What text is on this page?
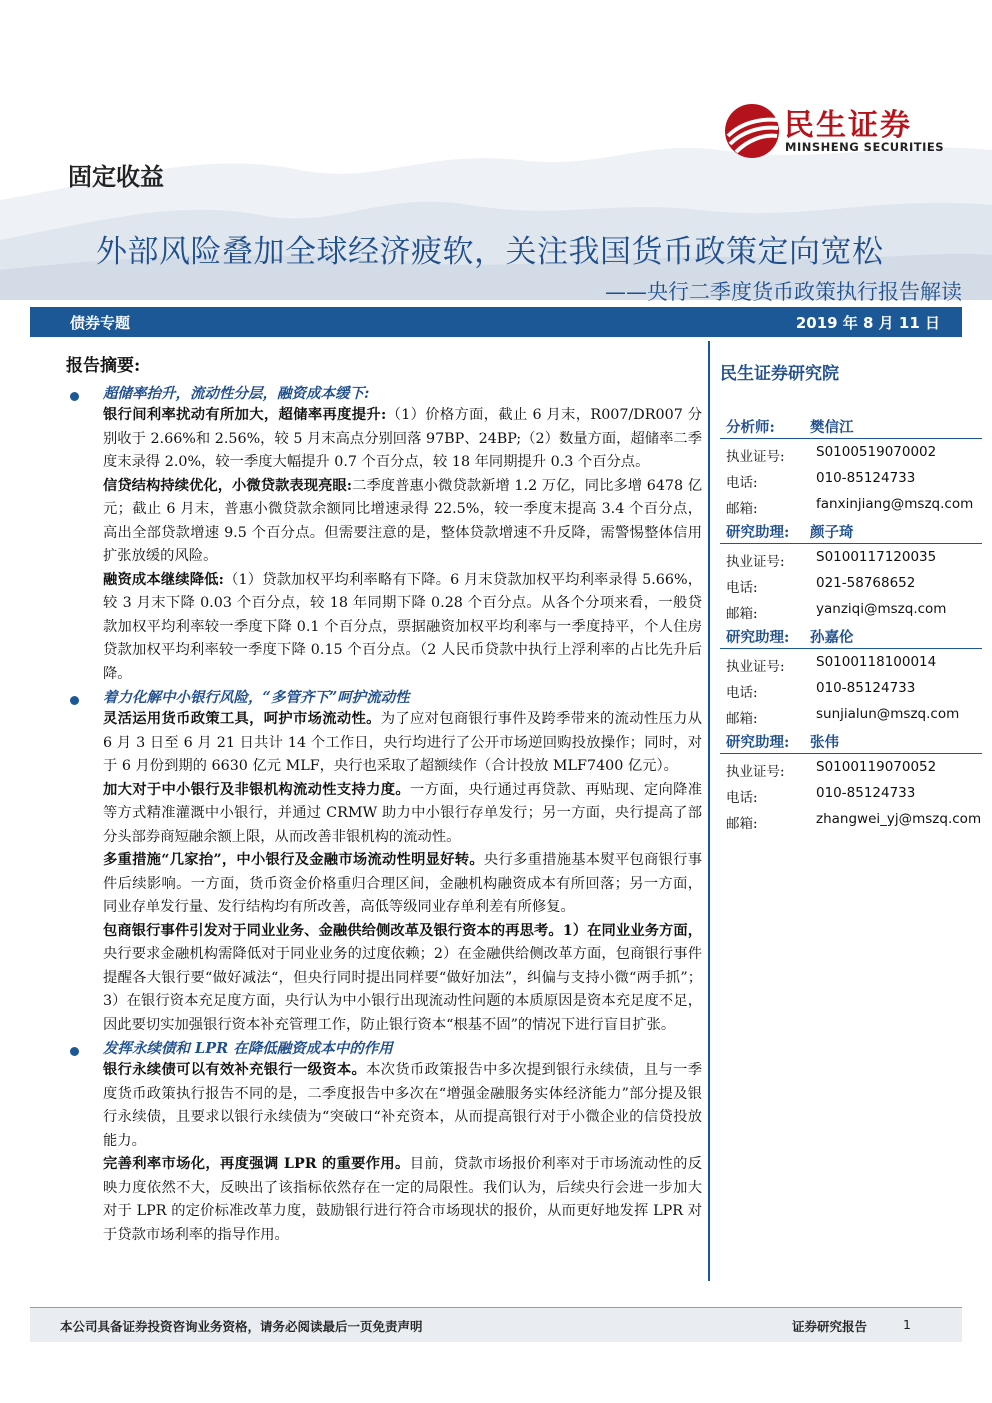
民生证券
MINSHENG SECURITIES
固定收益
外部风险叠加全球经济疲软，关注我国货币政策定向宽松
——央行二季度货币政策执行报告解读
债券专题	2019 年 8 月 11 日
报告摘要:
超储率抬升，流动性分层，融资成本缓下:

银行间利率扰动有所加大，超储率再度提升:（1）价格方面，截止 6 月末，R007/DR007 分别收于 2.66%和 2.56%，较 5 月末高点分别回落 97BP、24BP;（2）数量方面，超储率二季度末录得 2.0%，较一季度大幅提升 0.7 个百分点，较 18 年同期提升 0.3 个百分点。

信贷结构持续优化，小微贷款表现亮眼:二季度普惠小微贷款新增 1.2 万亿，同比多增 6478 亿元；截止 6 月末，普惠小微贷款余额同比增速录得 22.5%，较一季度末提高 3.4 个百分点，高出全部贷款增速 9.5 个百分点。但需要注意的是，整体贷款增速不升反降，需警惕整体信用扩张放缓的风险。

融资成本继续降低:（1）贷款加权平均利率略有下降。6 月末贷款加权平均利率录得 5.66%，较 3 月末下降 0.03 个百分点，较 18 年同期下降 0.28 个百分点。从各个分项来看，一般贷款加权平均利率较一季度下降 0.1 个百分点，票据融资加权平均利率与一季度持平，个人住房贷款加权平均利率较一季度下降 0.15 个百分点。（2 人民币贷款中执行上浮利率的占比先升后降。

着力化解中小银行风险，“多管齐下”呵护流动性

灵活运用货币政策工具，呵护市场流动性。为了应对包商银行事件及跨季带来的流动性压力从 6 月 3 日至 6 月 21 日共计 14 个工作日，央行均进行了公开市场逆回购投放操作；同时，对于 6 月份到期的 6630 亿元 MLF，央行也采取了超额续作（合计投放 MLF7400 亿元）。

加大对于中小银行及非银机构流动性支持力度。一方面，央行通过再贷款、再贴现、定向降准等方式精准灌溉中小银行，并通过 CRMW 助力中小银行存单发行；另一方面，央行提高了部分头部券商短融余额上限，从而改善非银机构的流动性。

多重措施“几家抬”，中小银行及金融市场流动性明显好转。央行多重措施基本熨平包商银行事件后续影响。一方面，货币资金价格重归合理区间，金融机构融资成本有所回落；另一方面，同业存单发行量、发行结构均有所改善，高低等级同业存单利差有所修复。

包商银行事件引发对于同业业务、金融供给侧改革及银行资本的再思考。1）在同业业务方面，央行要求金融机构需降低对于同业业务的过度依赖；2）在金融供给侧改革方面，包商银行事件提醒各大银行要“做好减法“，但央行同时提出同样要“做好加法”，纠偏与支持小微“两手抓”；3）在银行资本充足度方面，央行认为中小银行出现流动性问题的本质原因是资本充足度不足，因此要切实加强银行资本补充管理工作，防止银行资本“根基不固”的情况下进行盲目扩张。

发挥永续债和 LPR 在降低融资成本中的作用

银行永续债可以有效补充银行一级资本。本次货币政策报告中多次提到银行永续债，且与一季度货币政策执行报告不同的是，二季度报告中多次在“增强金融服务实体经济能力”部分提及银行永续债，且要求以银行永续债为“突破口“补充资本，从而提高银行对于小微企业的信贷投放能力。

完善利率市场化，再度强调 LPR 的重要作用。目前，贷款市场报价利率对于市场流动性的反映力度依然不大，反映出了该指标依然存在一定的局限性。我们认为，后续央行会进一步加大对于 LPR 的定价标准改革力度，鼓励银行进行符合市场现状的报价，从而更好地发挥 LPR 对于贷款市场利率的指导作用。

民生证券研究院
分析师: 樊信江
执业证号: S0100519070002
电话:	010-85124733
邮箱:	fanxinjiang@mszq.com
研究助理: 颜子琦
执业证号: S0100117120035
电话:	021-58768652
邮箱:	yanziqi@mszq.com
研究助理: 孙嘉伦
执业证号: S0100118100014
电话:	010-85124733
邮箱:	sunjialun@mszq.com
研究助理: 张伟
执业证号: S0100119070052
电话:	010-85124733
邮箱:	zhangwei_yj@mszq.com
本公司具备证券投资咨询业务资格，请务必阅读最后一页免责声明	证券研究报告	1
